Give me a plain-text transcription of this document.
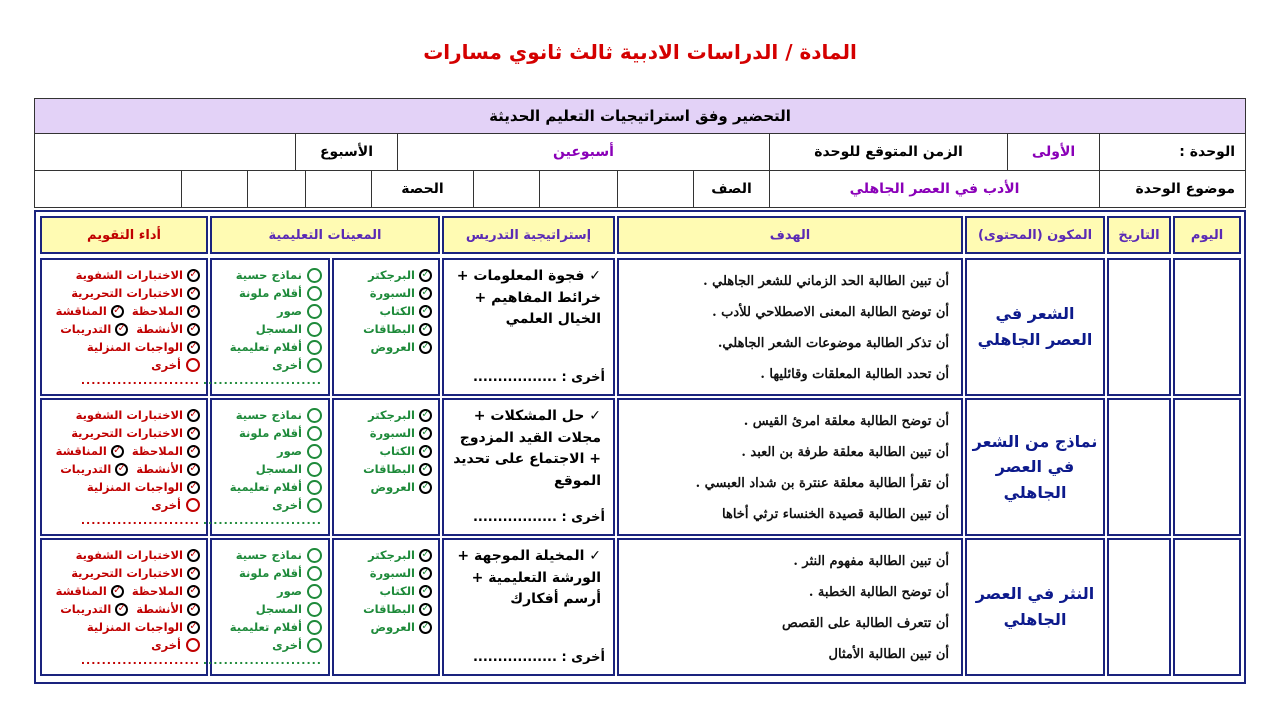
المادة / الدراسات الادبية ثالث ثانوي مسارات
التحضير وفق استراتيجيات التعليم الحديثة
الوحدة :
الأولى
الزمن المتوقع للوحدة
أسبوعين
الأسبوع
موضوع الوحدة
الأدب في العصر الجاهلي
الصف
الحصة
اليوم
التاريخ
المكون (المحتوى)
الهدف
إستراتيجية التدريس
المعينات التعليمية
أداء التقويم
الشعر في العصر الجاهلي
أن تبين الطالبة الحد الزماني للشعر الجاهلي .
أن توضح الطالبة المعنى الاصطلاحي للأدب .
أن تذكر الطالبة موضوعات الشعر الجاهلي.
أن تحدد الطالبة المعلقات وقائليها .
✓ فجوة المعلومات + خرائط المفاهيم + الخيال العلمي
أخرى : .................
✓
البرجكتر
✓
السبورة
✓
الكتاب
✓
البطاقات
✓
العروض
نماذج حسية
أقلام ملونة
صور
المسجل
أفلام تعليمية
أخرى
.......................
✓
الاختبارات الشفوية
✓
الاختبارات التحريرية
✓
الملاحظة
✓
المناقشة
✓
الأنشطة
✓
التدريبات
✓
الواجبات المنزلية
أخرى
.......................
نماذج من الشعر في العصر الجاهلي
أن توضح الطالبة معلقة امرئ القيس .
أن تبين الطالبة معلقة طرفة بن العبد .
أن تقرأ الطالبة معلقة عنترة بن شداد العبسي .
أن تبين الطالبة قصيدة الخنساء ترثي أخاها
✓ حل المشكلات + مجلات القيد المزدوج + الاجتماع على تحديد الموقع
أخرى : .................
✓
البرجكتر
✓
السبورة
✓
الكتاب
✓
البطاقات
✓
العروض
نماذج حسية
أقلام ملونة
صور
المسجل
أفلام تعليمية
أخرى
.......................
✓
الاختبارات الشفوية
✓
الاختبارات التحريرية
✓
الملاحظة
✓
المناقشة
✓
الأنشطة
✓
التدريبات
✓
الواجبات المنزلية
أخرى
.......................
النثر في العصر الجاهلي
أن تبين الطالبة مفهوم النثر .
أن توضح الطالبة الخطبة .
أن تتعرف الطالبة على القصص
أن تبين الطالبة الأمثال
✓ المخيلة الموجهة + الورشة التعليمية + أرسم أفكارك
أخرى : .................
✓
البرجكتر
✓
السبورة
✓
الكتاب
✓
البطاقات
✓
العروض
نماذج حسية
أقلام ملونة
صور
المسجل
أفلام تعليمية
أخرى
.......................
✓
الاختبارات الشفوية
✓
الاختبارات التحريرية
✓
الملاحظة
✓
المناقشة
✓
الأنشطة
✓
التدريبات
✓
الواجبات المنزلية
أخرى
.......................
